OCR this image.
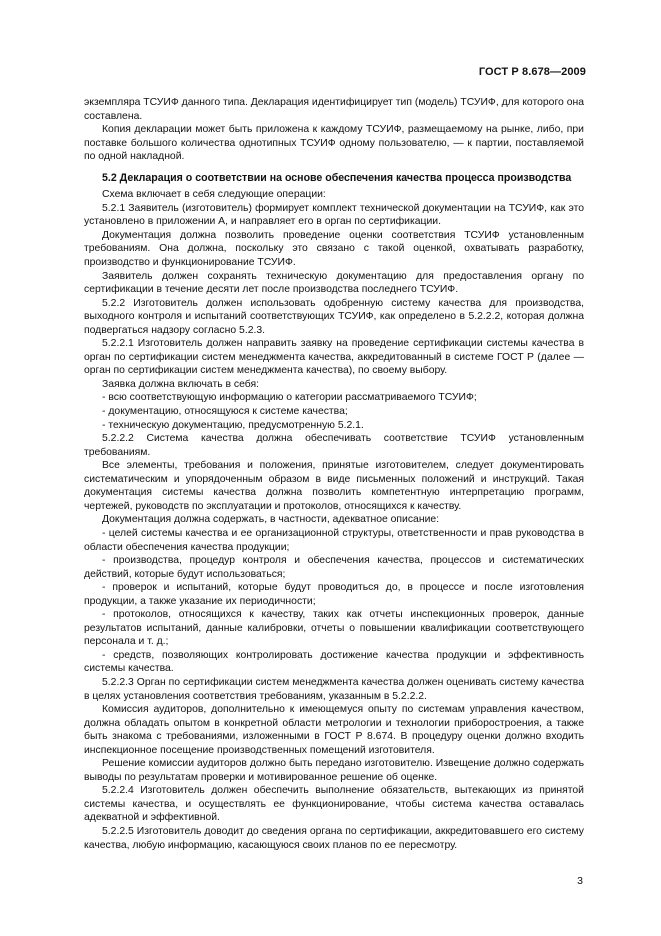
ГОСТ Р 8.678—2009

экземпляра ТСУИФ данного типа. Декларация идентифицирует тип (модель) ТСУИФ, для которого она составлена.

Копия декларации может быть приложена к каждому ТСУИФ, размещаемому на рынке, либо, при поставке большого количества однотипных ТСУИФ одному пользователю, — к партии, поставляемой по одной накладной.

5.2 Декларация о соответствии на основе обеспечения качества процесса производства

Схема включает в себя следующие операции:

5.2.1 Заявитель (изготовитель) формирует комплект технической документации на ТСУИФ, как это установлено в приложении А, и направляет его в орган по сертификации.

Документация должна позволить проведение оценки соответствия ТСУИФ установленным требованиям. Она должна, поскольку это связано с такой оценкой, охватывать разработку, производство и функционирование ТСУИФ.

Заявитель должен сохранять техническую документацию для предоставления органу по сертификации в течение десяти лет после производства последнего ТСУИФ.

5.2.2 Изготовитель должен использовать одобренную систему качества для производства, выходного контроля и испытаний соответствующих ТСУИФ, как определено в 5.2.2.2, которая должна подвергаться надзору согласно 5.2.3.

5.2.2.1 Изготовитель должен направить заявку на проведение сертификации системы качества в орган по сертификации систем менеджмента качества, аккредитованный в системе ГОСТ Р (далее — орган по сертификации систем менеджмента качества), по своему выбору.

Заявка должна включать в себя:

- всю соответствующую информацию о категории рассматриваемого ТСУИФ;

- документацию, относящуюся к системе качества;

- техническую документацию, предусмотренную 5.2.1.

5.2.2.2 Система качества должна обеспечивать соответствие ТСУИФ установленным требованиям.

Все элементы, требования и положения, принятые изготовителем, следует документировать систематическим и упорядоченным образом в виде письменных положений и инструкций. Такая документация системы качества должна позволить компетентную интерпретацию программ, чертежей, руководств по эксплуатации и протоколов, относящихся к качеству.

Документация должна содержать, в частности, адекватное описание:

- целей системы качества и ее организационной структуры, ответственности и прав руководства в области обеспечения качества продукции;

- производства, процедур контроля и обеспечения качества, процессов и систематических действий, которые будут использоваться;

- проверок и испытаний, которые будут проводиться до, в процессе и после изготовления продукции, а также указание их периодичности;

- протоколов, относящихся к качеству, таких как отчеты инспекционных проверок, данные результатов испытаний, данные калибровки, отчеты о повышении квалификации соответствующего персонала и т. д.;

- средств, позволяющих контролировать достижение качества продукции и эффективность системы качества.

5.2.2.3 Орган по сертификации систем менеджмента качества должен оценивать систему качества в целях установления соответствия требованиям, указанным в 5.2.2.2.

Комиссия аудиторов, дополнительно к имеющемуся опыту по системам управления качеством, должна обладать опытом в конкретной области метрологии и технологии приборостроения, а также быть знакома с требованиями, изложенными в ГОСТ Р 8.674. В процедуру оценки должно входить инспекционное посещение производственных помещений изготовителя.

Решение комиссии аудиторов должно быть передано изготовителю. Извещение должно содержать выводы по результатам проверки и мотивированное решение об оценке.

5.2.2.4 Изготовитель должен обеспечить выполнение обязательств, вытекающих из принятой системы качества, и осуществлять ее функционирование, чтобы система качества оставалась адекватной и эффективной.

5.2.2.5 Изготовитель доводит до сведения органа по сертификации, аккредитовавшего его систему качества, любую информацию, касающуюся своих планов по ее пересмотру.

3
